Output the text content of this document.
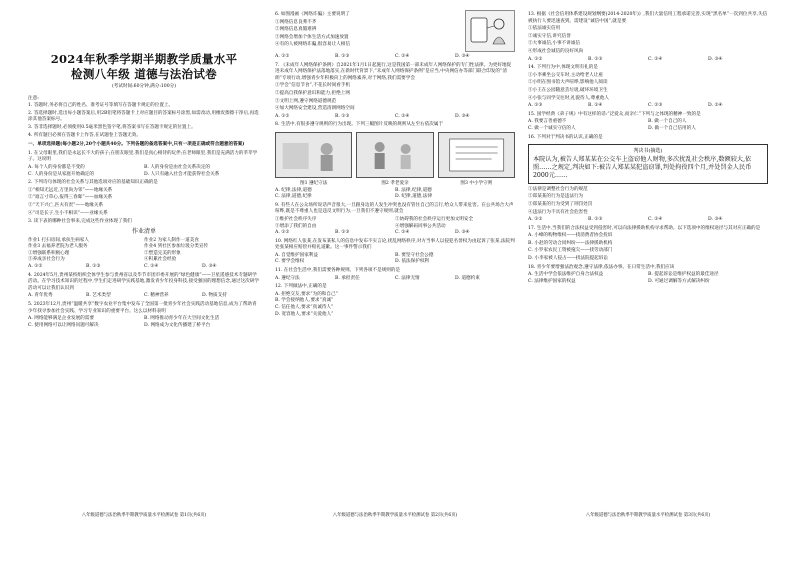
2024年秋季学期半期教学质量水平
检测八年级 道德与法治试卷
(考试时间:60分钟,满分:100分)

注意:

1. 答题时,务必将自己的姓名、准考证号等填写在答题卡规定的位置上。

2. 答选择题时,选出每小题答案后,用2B铅笔将答题卡上对应题目的答案标号涂黑,如需改动,用橡皮擦擦干净后,再选涂其他答案标号。

3. 答非选择题时,必须使用0.5毫米黑色签字笔,将答案书写在答题卡规定的位置上。

4. 所有题目必须在答题卡上作答,在试题卷上答题无效。

一、单项选择题(每小题2分,20个小题共40分。下列各题的备选答案中,只有一项是正确或符合题意的答案)

1. 在父母眼里,我们是永远长不大的孩子;在朋友眼里,我们是真心相待的玩伴;在老师眼里,我们是充满活力的莘莘学子。这说明

A. 每个人的身份都是不变的	B. 人的身份是由社会关系决定的
C. 人的身份是从家庭开始确定的	D. 人只有融入社会才能获得社会关系

2. 下列诗句体现的社会关系与其他选项对应的基础知识正确的是

①“相知无远近,万里尚为邻”——地缘关系

②“谁言寸草心,报得三春晖”——血缘关系

③“天下兴亡,匹夫有责”——地缘关系

④“司是长子,生小不相识”——业缘关系

3. 读下表的哪种社会事来,完成这些作业体现了我们

作业清单
作业1 打扫房间,承扶生病家人	作业2 为家人制作一道美食
作业3 去福养老院为老人服务	作业4 到社区参加垃圾分类宣传
①增强联系积极心理	②塑造完美的形象
③养成亲社会行为	④积累社会经验
A. ①②	B. ①③	C. ②④	D. ③④

4. 2024年5月,贵州某校组织全体学生参与贵州省以及毕节市团市委开展的“绿色健康”——卫星遥感技术专题研学活动。在学习技术知识的过程中,学生们走进研学实践基地,激发青少年投身科技,接受强国的理想信念,通过这次研学活动可以让我们认识到

A. 青年优秀	B. 艺术类型	C. 精神营养	D. 物质支持

5. 2023年12月,贵州“温暖共享”数字农业平台集中发布了全国第一批青少年社会实践活动基地信息,成为了帮助青少年找寻参加社会实践、学习专业知识的重要平台。这么以材料表明

A. 网络能够满足企业发展的需要	B. 网络推动青少年在大空间文化生活
C. 使用网络可以让网络问题可解决	D. 网络成为文化传播建了桥平台

6. 如图漫画《网络诈骗》主要说明了

①网络信息良莠不齐

②网络信息真假难辨

③网络会增加个体生活方式加速放置

④有的人被网络诈骗,很容易让人相信

A. ①②	B. ①③	C. ②④	D. ③④

7. 《未成年人网络保护条例》自2021年1月1日起施行,这是我国第一部未成年人网络保护的专门性法律。为更好地促进未成年人网络保护法落地落实,在新时代背景下,“未成年人网络保护条例”是应当,中央网信办等部门联合印发的“清朗”专项行动,增强青少年积极向上的网络素养,对于网络,我们需要学会

①学会“信息节食”,不花长时间看手机

②提高自我保护意识和能力,拒绝上网

③文明上网,遵守网络道德规范

④加大网络安全建设,营造清朗网络空间

A. ①②	B. ①③	C. ②④	D. ③④

8. 生活中,有很多遵守规则的行为出现。下列三幅图片反映的规则从左至右依次属于

图1 遵纪守法	图2 孝老爱亲	图3 中小学守则
A. 纪律,法律,道德	B. 法律,纪律,道德
C. 法律,道德,纪律	D. 纪律,道德,法律

9. 有些人在公众场所说话声音很大,一旦跟身边的人发生冲突也没有管住自己的言行,给众人带来危害。在公共场合大声喧哗,既是不尊重人也是违反文明行为,一旦我们不遵守规则,就会

①维护社会秩序失序	②妨碍我的社会秩序运行更加文明安全
③增添了我们的自由	④增强解码同事公共活动
A. ①②	B. ①③	C. ②④	D. ③④

10. 网络红人张某,在发布某私人的信息中发布不实言论,扰乱网络秩序,对方当事人以侵犯名誉权为由起诉了张某,法院判处张某相应赔偿并赔礼道歉。这一事件警示我们

A. 自觉维护国家利益	B. 要坚守社会公德
C. 要学会维权	D. 依法保护权利

11. 在社会生活中,我们需要各种规则。下列各项不是规则的是

A. 遵纪守法	B. 承担责任	C. 法律无情	D. 道德约束

12. 下列做法中,正确的是

A. 拒绝交友,要求“为的和自己”
B. 学会接纳他人,要求“真诚”
C. 信任他人,要求“真诚待人”
D. 宽容他人,要求“关爱他人”

13. 根据《社会信用体系建设规划纲要(2014-2020年)》,我们大量信用工程承诺完善,实现“黑名单”一次到位共享,失信被执行人要迅速查到。需建设“诚信中国”,就是要

①依法诚实信用

②诚实守信,讲究信誉

③大事诚信,小事不讲诚信

④形成社会诚信的良好风尚

A. ①②	B. ①③	C. ②④	D. ③④

14. 下列行为中,体现文明有礼的是

①小李乘坐公交车时,主动给老人让座

②小明在图书馆大声喧哗,影响他人阅读

③小王在公园随意丢垃圾,破坏环境卫生

④小张与同学交往时,礼貌待人,尊重他人

A. ①③	B. ①④	C. ②③	D. ②④

15. 国学经典《弟子规》中有这样的话:“泛爱众,而亲仁”下列与之体现的精神一致的是

A. 我要言善重德不	B. 做一个自己的人
C. 做一个诚实守信的人	D. 做一个自己信用的人

16. 下列对于判决书的认识,正确的是

判决书(摘选)
本院认为,被告人郑某某在公交车上盗窃他人财物,多次扰乱社会秩序,数额较大,依照……之规定,判决如下:被告人郑某某犯盗窃罪,判处拘役四个月,并处罚金人民币2000元……

①法律是调整社会行为的规范

②郑某某的行为是违法行为

③郑某某的行为受到了刑罚处罚

④违法行为不具有社会危害性

A. ①②	B. ①③	C. ②④	D. ③④

17. 生活中,当我们的合法权益受到侵害时,可以向法律援助机构寻求帮助。以下选项中的维权途径与其对应正确的是

A. 小峰的购物维权——找消费者协会投诉

B. 小赵的劳动合同纠纷——法律援助机构

C. 小罗家农民工资被拖欠——找劳动部门

D. 小李家被人侵占——找法院提起诉讼

18. 青少年要增强法治观念,遵守法律,依法办事。在日常生活中,我们应该

A. 生活中学会依法维护自身合法权益	B. 提起诉讼是维护权益的最佳途径
C. 法律维护国家的权益	D. 可通过调解等方式解决纠纷
八年级道德与法治秋季半期教学质量水平检测试卷 第1页(共6页)	八年级道德与法治秋季半期教学质量水平检测试卷 第2页(共6页)	八年级道德与法治秋季半期教学质量水平检测试卷 第3页(共6页)
